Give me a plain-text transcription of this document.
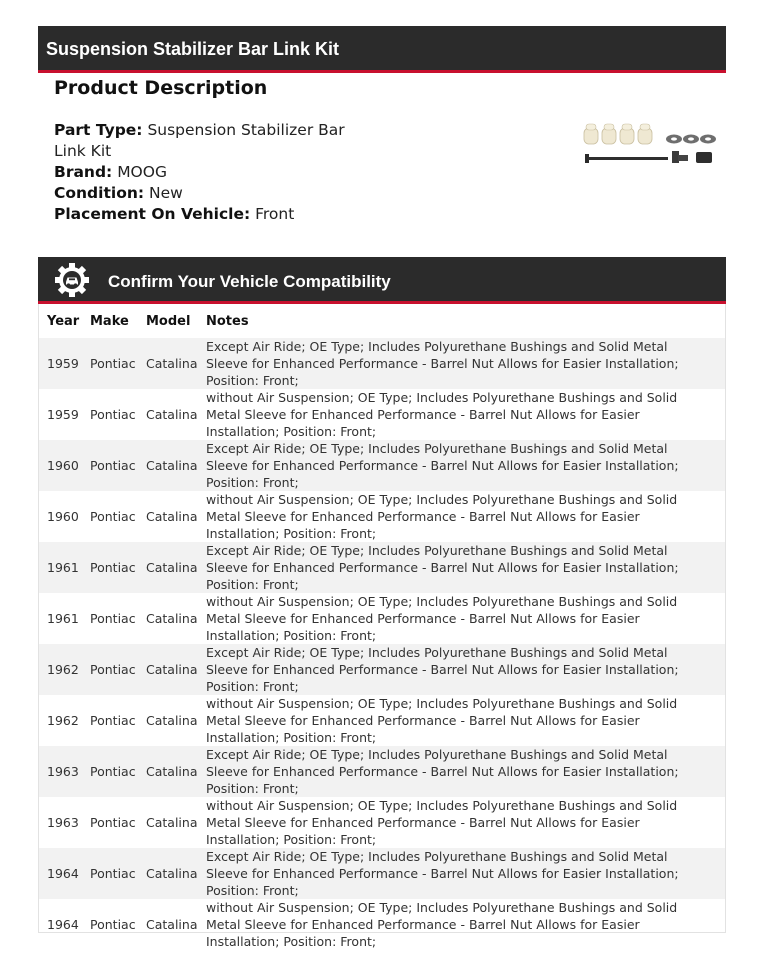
Suspension Stabilizer Bar Link Kit
Product Description
Part Type: Suspension Stabilizer Bar Link Kit
Brand: MOOG
Condition: New
Placement On Vehicle: Front
Confirm Your Vehicle Compatibility
Year	Make	Model	Notes
1959	Pontiac	Catalina	Except Air Ride; OE Type; Includes Polyurethane Bushings and Solid Metal Sleeve for Enhanced Performance - Barrel Nut Allows for Easier Installation; Position: Front;
1959	Pontiac	Catalina	without Air Suspension; OE Type; Includes Polyurethane Bushings and Solid Metal Sleeve for Enhanced Performance - Barrel Nut Allows for Easier Installation; Position: Front;
1960	Pontiac	Catalina	Except Air Ride; OE Type; Includes Polyurethane Bushings and Solid Metal Sleeve for Enhanced Performance - Barrel Nut Allows for Easier Installation; Position: Front;
1960	Pontiac	Catalina	without Air Suspension; OE Type; Includes Polyurethane Bushings and Solid Metal Sleeve for Enhanced Performance - Barrel Nut Allows for Easier Installation; Position: Front;
1961	Pontiac	Catalina	Except Air Ride; OE Type; Includes Polyurethane Bushings and Solid Metal Sleeve for Enhanced Performance - Barrel Nut Allows for Easier Installation; Position: Front;
1961	Pontiac	Catalina	without Air Suspension; OE Type; Includes Polyurethane Bushings and Solid Metal Sleeve for Enhanced Performance - Barrel Nut Allows for Easier Installation; Position: Front;
1962	Pontiac	Catalina	Except Air Ride; OE Type; Includes Polyurethane Bushings and Solid Metal Sleeve for Enhanced Performance - Barrel Nut Allows for Easier Installation; Position: Front;
1962	Pontiac	Catalina	without Air Suspension; OE Type; Includes Polyurethane Bushings and Solid Metal Sleeve for Enhanced Performance - Barrel Nut Allows for Easier Installation; Position: Front;
1963	Pontiac	Catalina	Except Air Ride; OE Type; Includes Polyurethane Bushings and Solid Metal Sleeve for Enhanced Performance - Barrel Nut Allows for Easier Installation; Position: Front;
1963	Pontiac	Catalina	without Air Suspension; OE Type; Includes Polyurethane Bushings and Solid Metal Sleeve for Enhanced Performance - Barrel Nut Allows for Easier Installation; Position: Front;
1964	Pontiac	Catalina	Except Air Ride; OE Type; Includes Polyurethane Bushings and Solid Metal Sleeve for Enhanced Performance - Barrel Nut Allows for Easier Installation; Position: Front;
1964	Pontiac	Catalina	without Air Suspension; OE Type; Includes Polyurethane Bushings and Solid Metal Sleeve for Enhanced Performance - Barrel Nut Allows for Easier Installation; Position: Front;
